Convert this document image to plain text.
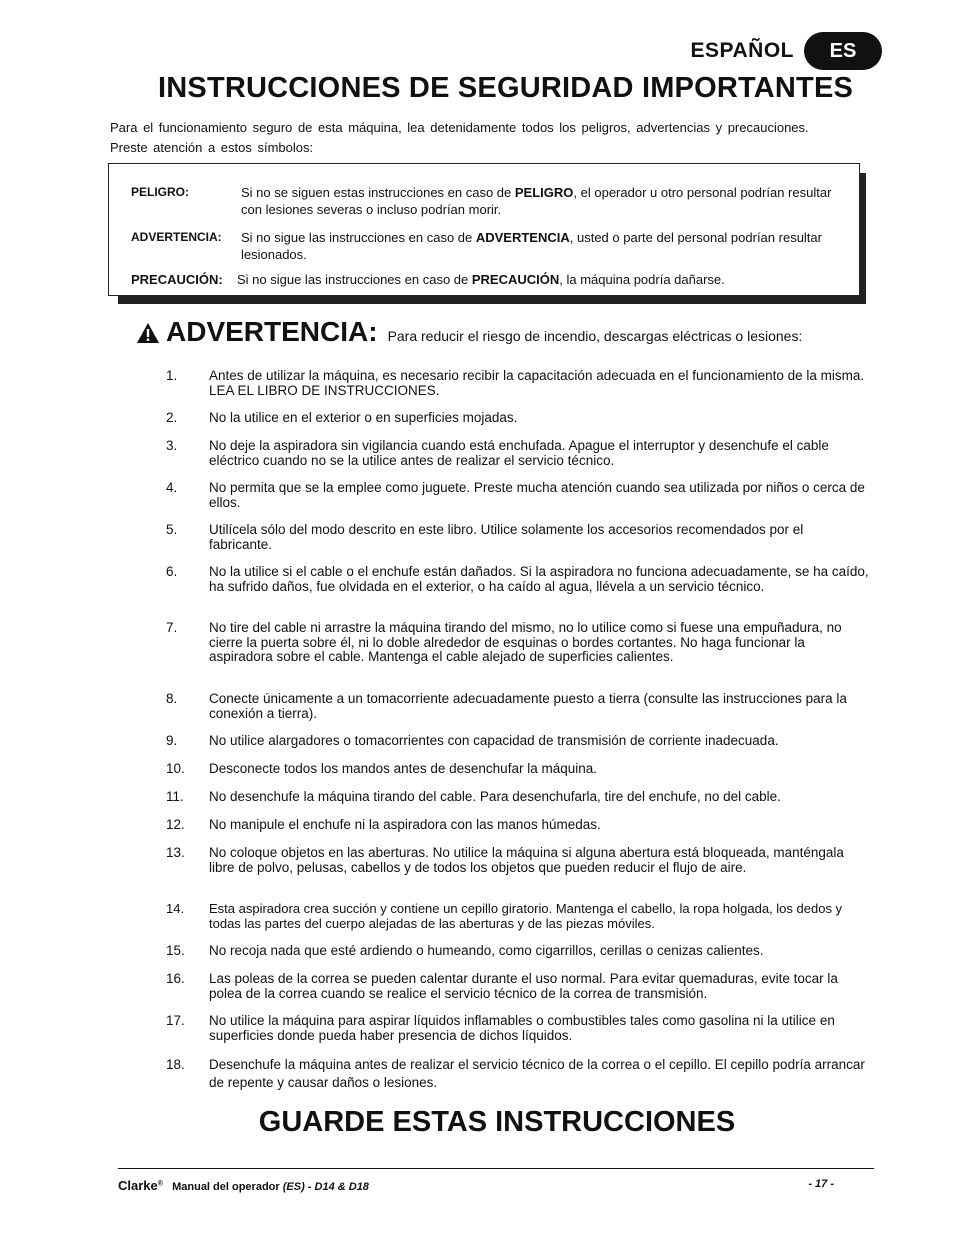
ESPAÑOL	ES
INSTRUCCIONES DE SEGURIDAD IMPORTANTES
Para el funcionamiento seguro de esta máquina, lea detenidamente todos los peligros, advertencias y precauciones. Preste atención a estos símbolos:
PELIGRO:	Si no se siguen estas instrucciones en caso de PELIGRO, el operador u otro personal podrían resultar con lesiones severas o incluso podrían morir.
ADVERTENCIA: Si no sigue las instrucciones en caso de ADVERTENCIA, usted o parte del personal podrían resultar lesionados.
PRECAUCIÓN: Si no sigue las instrucciones en caso de PRECAUCIÓN, la máquina podría dañarse.
ADVERTENCIA: Para reducir el riesgo de incendio, descargas eléctricas o lesiones:
1. Antes de utilizar la máquina, es necesario recibir la capacitación adecuada en el funcionamiento de la misma. LEA EL LIBRO DE INSTRUCCIONES.
2. No la utilice en el exterior o en superficies mojadas.
3. No deje la aspiradora sin vigilancia cuando está enchufada. Apague el interruptor y desenchufe el cable eléctrico cuando no se la utilice antes de realizar el servicio técnico.
4. No permita que se la emplee como juguete. Preste mucha atención cuando sea utilizada por niños o cerca de ellos.
5. Utilícela sólo del modo descrito en este libro. Utilice solamente los accesorios recomendados por el fabricante.
6. No la utilice si el cable o el enchufe están dañados. Si la aspiradora no funciona adecuadamente, se ha caído, ha sufrido daños, fue olvidada en el exterior, o ha caído al agua, llévela a un servicio técnico.
7. No tire del cable ni arrastre la máquina tirando del mismo, no lo utilice como si fuese una empuñadura, no cierre la puerta sobre él, ni lo doble alrededor de esquinas o bordes cortantes. No haga funcionar la aspiradora sobre el cable. Mantenga el cable alejado de superficies calientes.
8. Conecte únicamente a un tomacorriente adecuadamente puesto a tierra (consulte las instrucciones para la conexión a tierra).
9. No utilice alargadores o tomacorrientes con capacidad de transmisión de corriente inadecuada.
10. Desconecte todos los mandos antes de desenchufar la máquina.
11. No desenchufe la máquina tirando del cable. Para desenchufarla, tire del enchufe, no del cable.
12. No manipule el enchufe ni la aspiradora con las manos húmedas.
13. No coloque objetos en las aberturas. No utilice la máquina si alguna abertura está bloqueada, manténgala libre de polvo, pelusas, cabellos y de todos los objetos que pueden reducir el flujo de aire.
14. Esta aspiradora crea succión y contiene un cepillo giratorio. Mantenga el cabello, la ropa holgada, los dedos y todas las partes del cuerpo alejadas de las aberturas y de las piezas móviles.
15. No recoja nada que esté ardiendo o humeando, como cigarrillos, cerillas o cenizas calientes.
16. Las poleas de la correa se pueden calentar durante el uso normal. Para evitar quemaduras, evite tocar la polea de la correa cuando se realice el servicio técnico de la correa de transmisión.
17. No utilice la máquina para aspirar líquidos inflamables o combustibles tales como gasolina ni la utilice en superficies donde pueda haber presencia de dichos líquidos.
18. Desenchufe la máquina antes de realizar el servicio técnico de la correa o el cepillo. El cepillo podría arrancar de repente y causar daños o lesiones.
GUARDE ESTAS INSTRUCCIONES
Clarke® Manual del operador (ES) - D14 & D18	- 17 -
